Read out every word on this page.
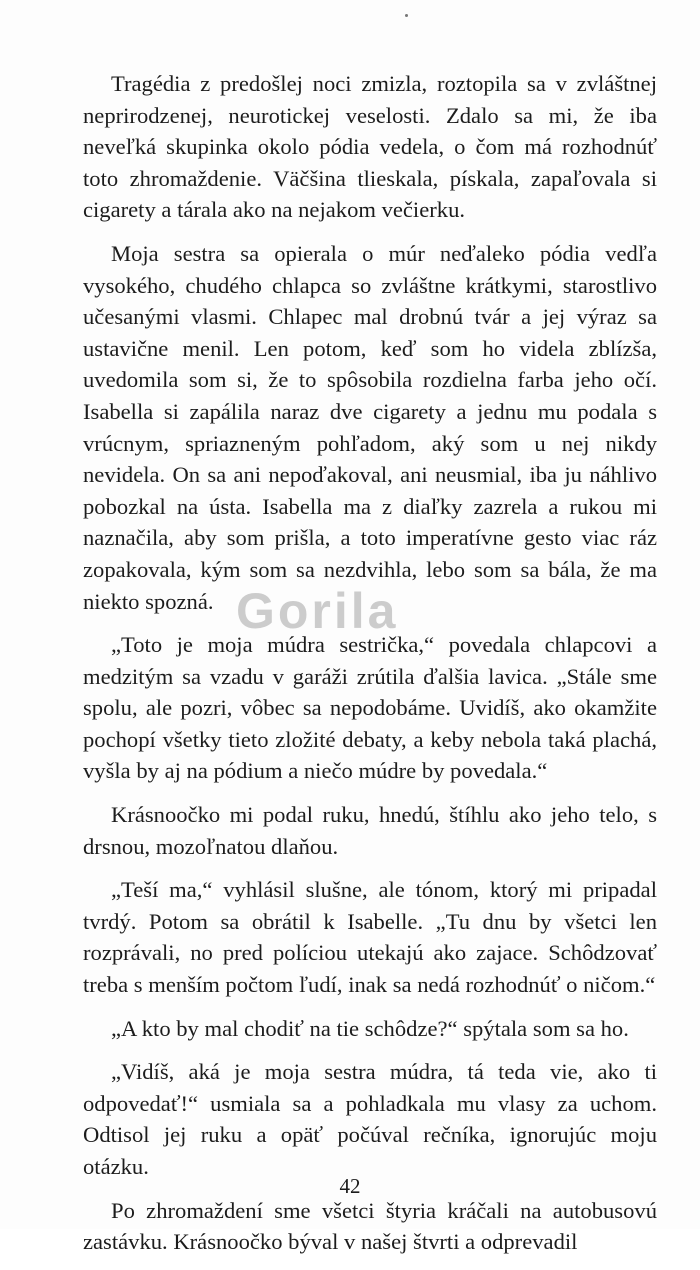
Tragédia z predošlej noci zmizla, roztopila sa v zvláštnej neprirodzenej, neurotickej veselosti. Zdalo sa mi, že iba neveľká skupinka okolo pódia vedela, o čom má rozhodnúť toto zhromaždenie. Väčšina tlieskala, pískala, zapaľovala si cigarety a tárala ako na nejakom večierku.

Moja sestra sa opierala o múr neďaleko pódia vedľa vysokého, chudého chlapca so zvláštne krátkymi, starostlivo učesanými vlasmi. Chlapec mal drobnú tvár a jej výraz sa ustavične menil. Len potom, keď som ho videla zblízša, uvedomila som si, že to spôsobila rozdielna farba jeho očí. Isabella si zapálila naraz dve cigarety a jednu mu podala s vrúcnym, spriazneným pohľadom, aký som u nej nikdy nevidela. On sa ani nepoďakoval, ani neusmial, iba ju náhlivo pobozkal na ústa. Isabella ma z diaľky zazrela a rukou mi naznačila, aby som prišla, a toto imperatívne gesto viac ráz zopakovala, kým som sa nezdvihla, lebo som sa bála, že ma niekto spozná.

„Toto je moja múdra sestrička,“ povedala chlapcovi a medzitým sa vzadu v garáži zrútila ďalšia lavica. „Stále sme spolu, ale pozri, vôbec sa nepodobáme. Uvidíš, ako okamžite pochopí všetky tieto zložité debaty, a keby nebola taká plachá, vyšla by aj na pódium a niečo múdre by povedala.“

Krásnoočko mi podal ruku, hnedú, štíhlu ako jeho telo, s drsnou, mozoľnatou dlaňou.

„Teší ma,“ vyhlásil slušne, ale tónom, ktorý mi pripadal tvrdý. Potom sa obrátil k Isabelle. „Tu dnu by všetci len rozprávali, no pred políciou utekajú ako zajace. Schôdzovať treba s menším počtom ľudí, inak sa nedá rozhodnúť o ničom.“

„A kto by mal chodiť na tie schôdze?“ spýtala som sa ho.

„Vidíš, aká je moja sestra múdra, tá teda vie, ako ti odpovedať!“ usmiala sa a pohladkala mu vlasy za uchom. Odtisol jej ruku a opäť počúval rečníka, ignorujúc moju otázku.

Po zhromaždení sme všetci štyria kráčali na autobusovú zastávku. Krásnoočko býval v našej štvrti a odprevadil

Gorila
42
